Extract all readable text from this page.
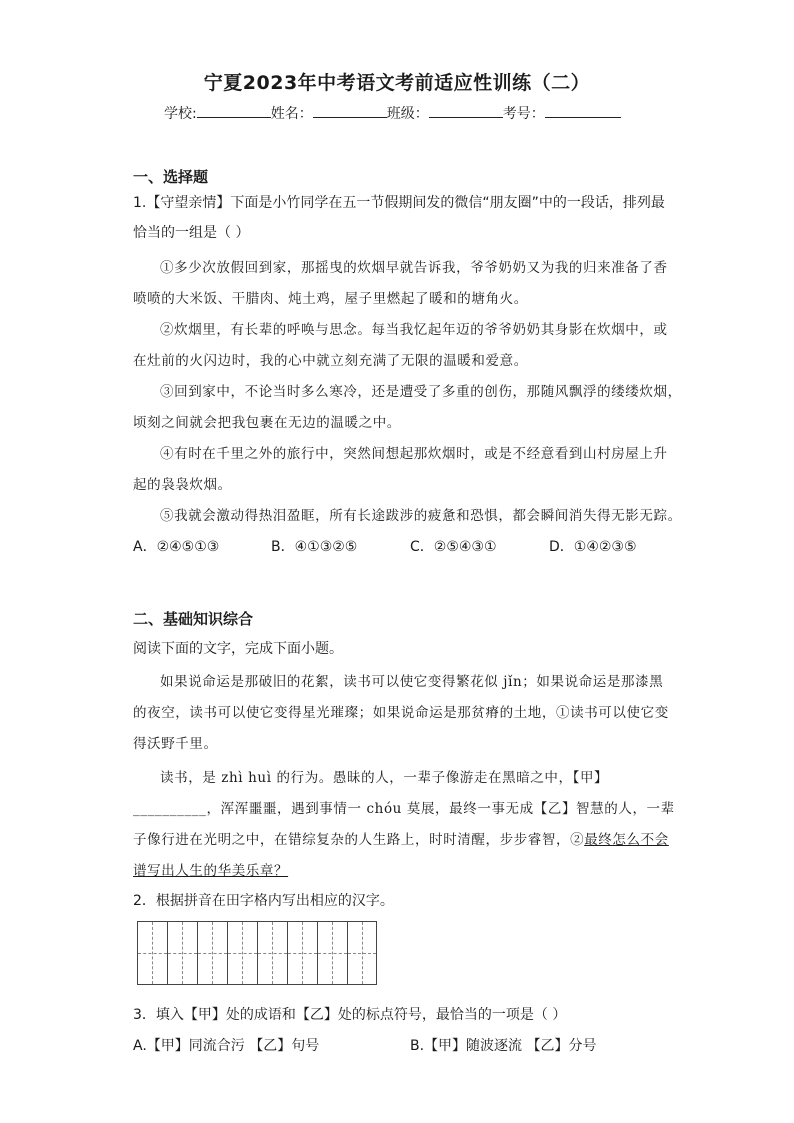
宁夏2023年中考语文考前适应性训练（二）
学校:	姓名：	班级：	考号：
一、选择题
1.【守望亲情】下面是小竹同学在五一节假期间发的微信“朋友圈”中的一段话，排列最
恰当的一组是（ ）
①多少次放假回到家，那摇曳的炊烟早就告诉我，爷爷奶奶又为我的归来准备了香
喷喷的大米饭、干腊肉、炖土鸡，屋子里燃起了暖和的塘角火。
②炊烟里，有长辈的呼唤与思念。每当我忆起年迈的爷爷奶奶其身影在炊烟中，或
在灶前的火闪边时，我的心中就立刻充满了无限的温暖和爱意。
③回到家中，不论当时多么寒冷，还是遭受了多重的创伤，那随风飘浮的缕缕炊烟，
顷刻之间就会把我包裹在无边的温暖之中。
④有时在千里之外的旅行中，突然间想起那炊烟时，或是不经意看到山村房屋上升
起的袅袅炊烟。
⑤我就会激动得热泪盈眶，所有长途跋涉的疲惫和恐惧，都会瞬间消失得无影无踪。
A．②④⑤①③	B．④①③②⑤	C．②⑤④③①	D．①④②③⑤
二、基础知识综合
阅读下面的文字，完成下面小题。
如果说命运是那破旧的花絮，读书可以使它变得繁花似 jǐn；如果说命运是那漆黑
的夜空，读书可以使它变得星光璀璨；如果说命运是那贫瘠的土地，①读书可以使它变
得沃野千里。
读书，是 zhì huì 的行为。愚昧的人，一辈子像游走在黑暗之中，【甲】
__________，浑浑噩噩，遇到事情一 chóu 莫展，最终一事无成【乙】智慧的人，一辈
子像行进在光明之中，在错综复杂的人生路上，时时清醒，步步睿智，②最终怎么不会
谱写出人生的华美乐章？
2．根据拼音在田字格内写出相应的汉字。
3．填入【甲】处的成语和【乙】处的标点符号，最恰当的一项是（ ）
A.【甲】同流合污 【乙】句号	B.【甲】随波逐流 【乙】分号
